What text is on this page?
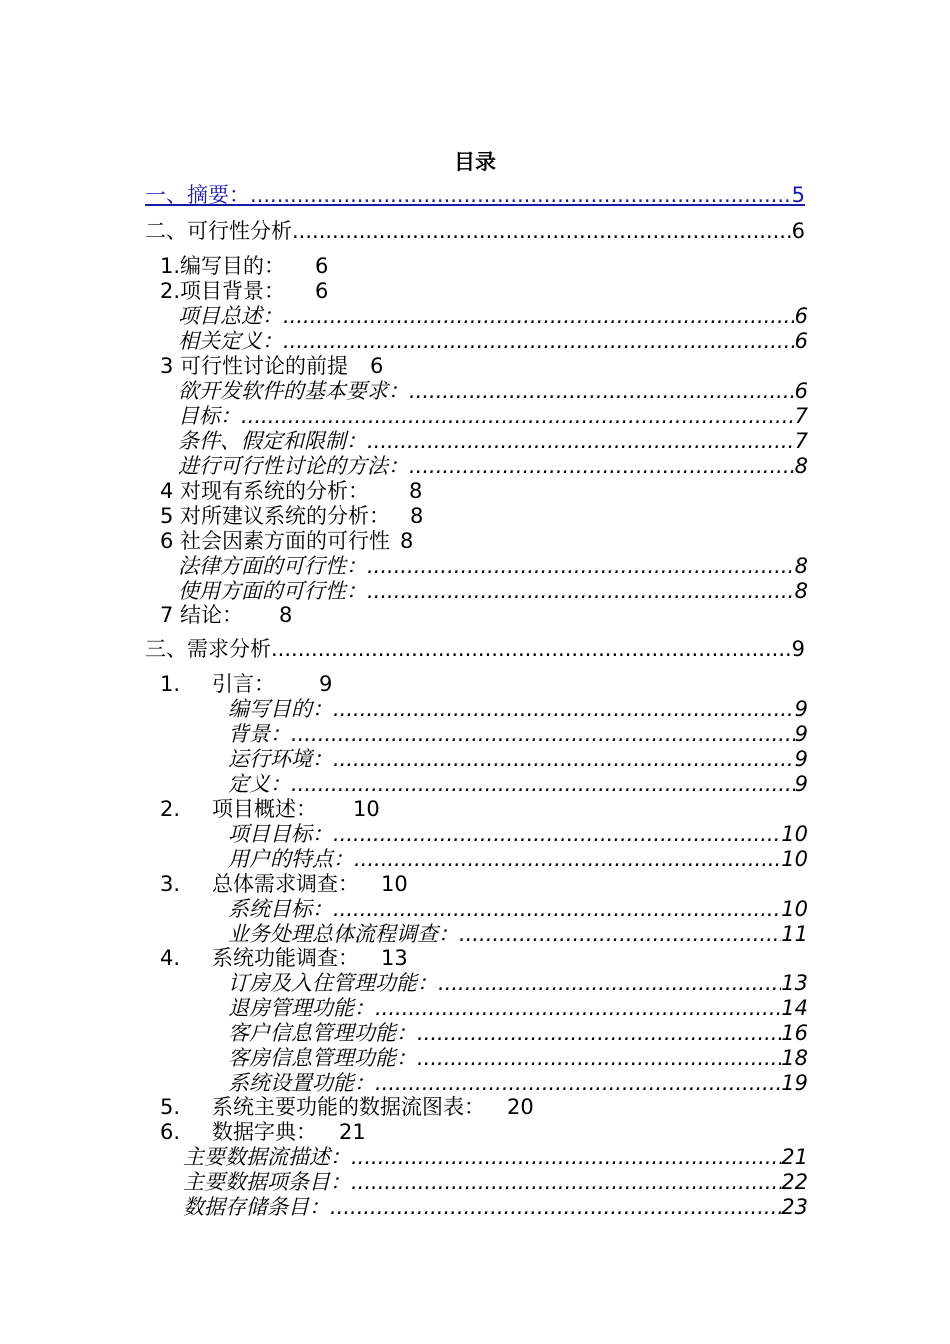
目录
一、摘要： .....	5
二、可行性分析 .....	6
1.编写目的： 6
2.项目背景： 6
项目总述： .....	6
相关定义： .....	6
3 可行性讨论的前提 6
欲开发软件的基本要求： .....	6
目标： .....	7
条件、假定和限制： .....	7
进行可行性讨论的方法： .....	8
4 对现有系统的分析： 8
5 对所建议系统的分析： 8
6 社会因素方面的可行性 8
法律方面的可行性： .....	8
使用方面的可行性： .....	8
7 结论： 8
三、需求分析 .....	9
1.	引言： 9
编写目的： .....	9
背景： .....	9
运行环境： .....	9
定义： .....	9
2.	项目概述： 10
项目目标： .....	10
用户的特点： .....	10
3.	总体需求调查： 10
系统目标： .....	10
业务处理总体流程调查： .....	11
4.	系统功能调查： 13
订房及入住管理功能： .....	13
退房管理功能： .....	14
客户信息管理功能： .....	16
客房信息管理功能： .....	18
系统设置功能： .....	19
5.	系统主要功能的数据流图表： 20
6.	数据字典： 21
主要数据流描述： .....	21
主要数据项条目： .....	22
数据存储条目： .....	23
